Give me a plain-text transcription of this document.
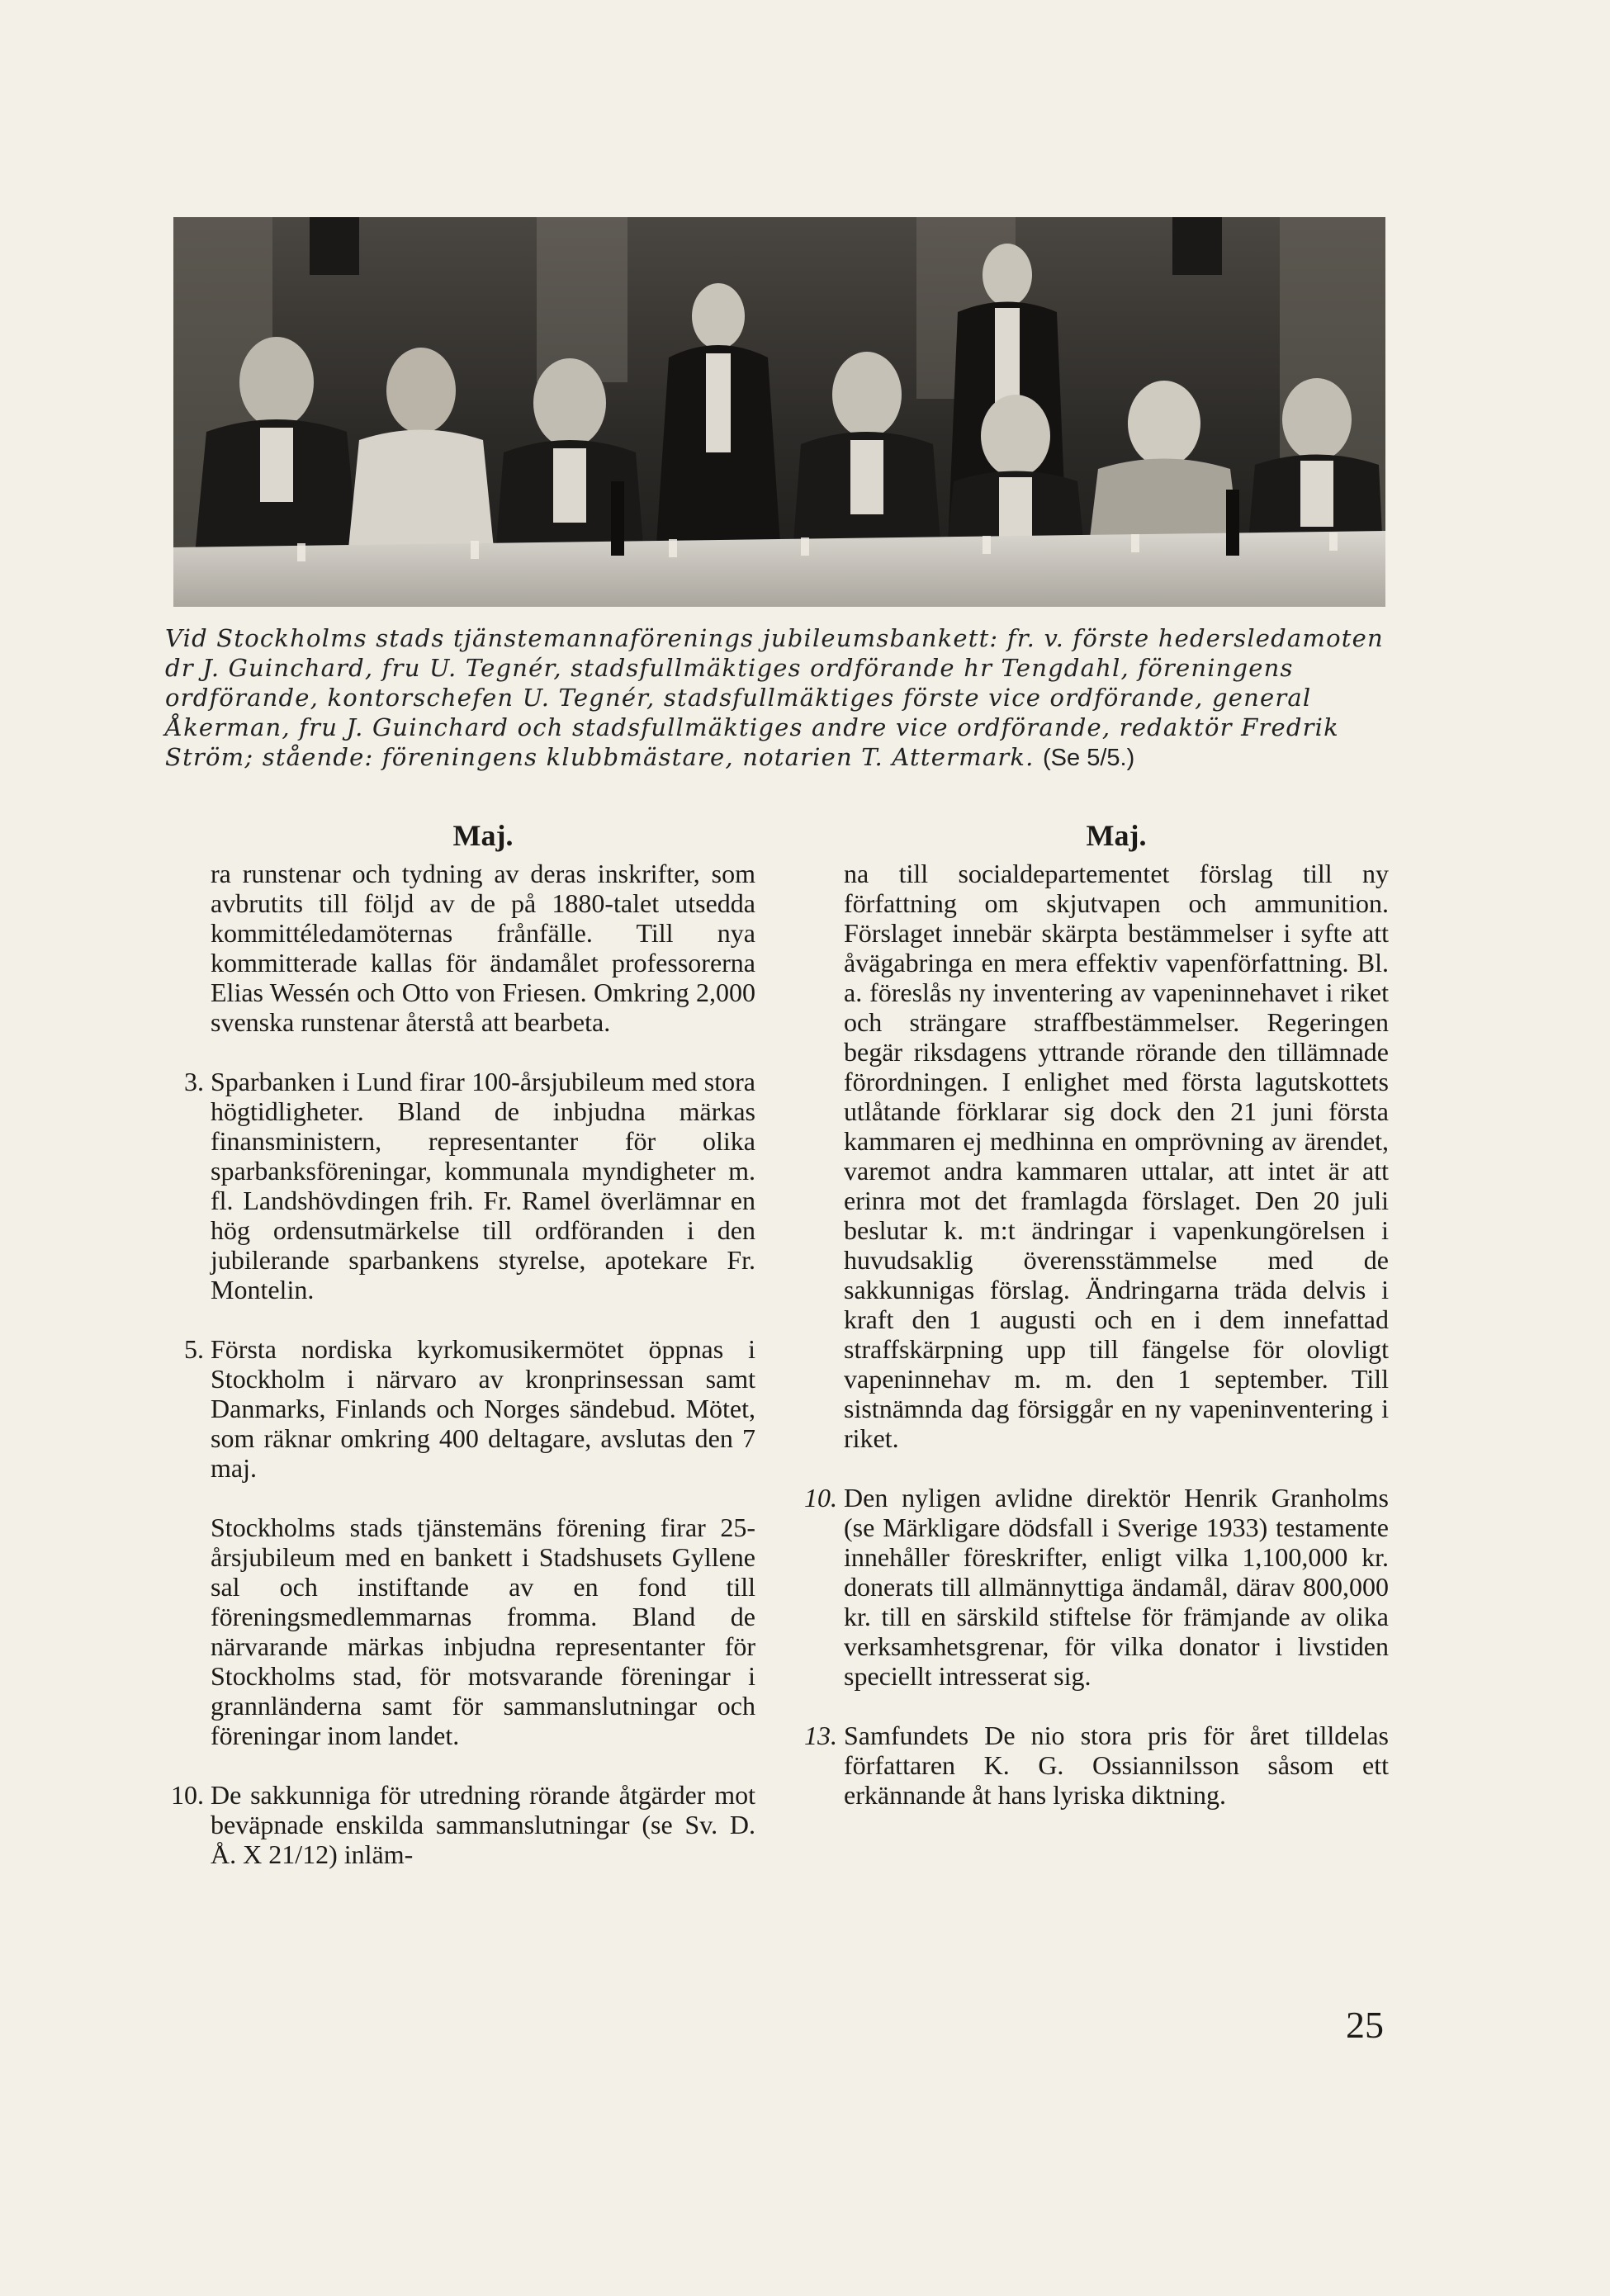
Vid Stockholms stads tjänstemannaförenings jubileumsbankett: fr. v. förste hedersledamoten dr J. Guinchard, fru U. Tegnér, stadsfullmäktiges ordförande hr Tengdahl, föreningens ordförande, kontorschefen U. Tegnér, stadsfullmäktiges förste vice ordförande, general Åkerman, fru J. Guinchard och stadsfullmäktiges andre vice ordförande, redaktör Fredrik Ström; stående: föreningens klubbmästare, notarien T. Attermark. (Se 5/5.)

Maj.

ra runstenar och tydning av deras inskrifter, som avbrutits till följd av de på 1880-talet utsedda kommittéledamöternas frånfälle. Till nya kommitterade kallas för ändamålet professorerna Elias Wessén och Otto von Friesen. Omkring 2,000 svenska runstenar återstå att bearbeta.

3. Sparbanken i Lund firar 100-årsjubileum med stora högtidligheter. Bland de inbjudna märkas finansministern, representanter för olika sparbanksföreningar, kommunala myndigheter m. fl. Landshövdingen frih. Fr. Ramel överlämnar en hög ordensutmärkelse till ordföranden i den jubilerande sparbankens styrelse, apotekare Fr. Montelin.

5. Första nordiska kyrkomusikermötet öppnas i Stockholm i närvaro av kronprinsessan samt Danmarks, Finlands och Norges sändebud. Mötet, som räknar omkring 400 deltagare, avslutas den 7 maj.

Stockholms stads tjänstemäns förening firar 25-årsjubileum med en bankett i Stadshusets Gyllene sal och instiftande av en fond till föreningsmedlemmarnas fromma. Bland de närvarande märkas inbjudna representanter för Stockholms stad, för motsvarande föreningar i grannländerna samt för sammanslutningar och föreningar inom landet.

10. De sakkunniga för utredning rörande åtgärder mot beväpnade enskilda sammanslutningar (se Sv. D. Å. X 21/12) inläm-

Maj.

na till socialdepartementet förslag till ny författning om skjutvapen och ammunition. Förslaget innebär skärpta bestämmelser i syfte att åvägabringa en mera effektiv vapenförfattning. Bl. a. föreslås ny inventering av vapeninnehavet i riket och strängare straffbestämmelser. Regeringen begär riksdagens yttrande rörande den tillämnade förordningen. I enlighet med första lagutskottets utlåtande förklarar sig dock den 21 juni första kammaren ej medhinna en omprövning av ärendet, varemot andra kammaren uttalar, att intet är att erinra mot det framlagda förslaget. Den 20 juli beslutar k. m:t ändringar i vapenkungörelsen i huvudsaklig överensstämmelse med de sakkunnigas förslag. Ändringarna träda delvis i kraft den 1 augusti och en i dem innefattad straffskärpning upp till fängelse för olovligt vapeninnehav m. m. den 1 september. Till sistnämnda dag försiggår en ny vapeninventering i riket.

10. Den nyligen avlidne direktör Henrik Granholms (se Märkligare dödsfall i Sverige 1933) testamente innehåller föreskrifter, enligt vilka 1,100,000 kr. donerats till allmännyttiga ändamål, därav 800,000 kr. till en särskild stiftelse för främjande av olika verksamhetsgrenar, för vilka donator i livstiden speciellt intresserat sig.

13. Samfundets De nio stora pris för året tilldelas författaren K. G. Ossiannilsson såsom ett erkännande åt hans lyriska diktning.

25
